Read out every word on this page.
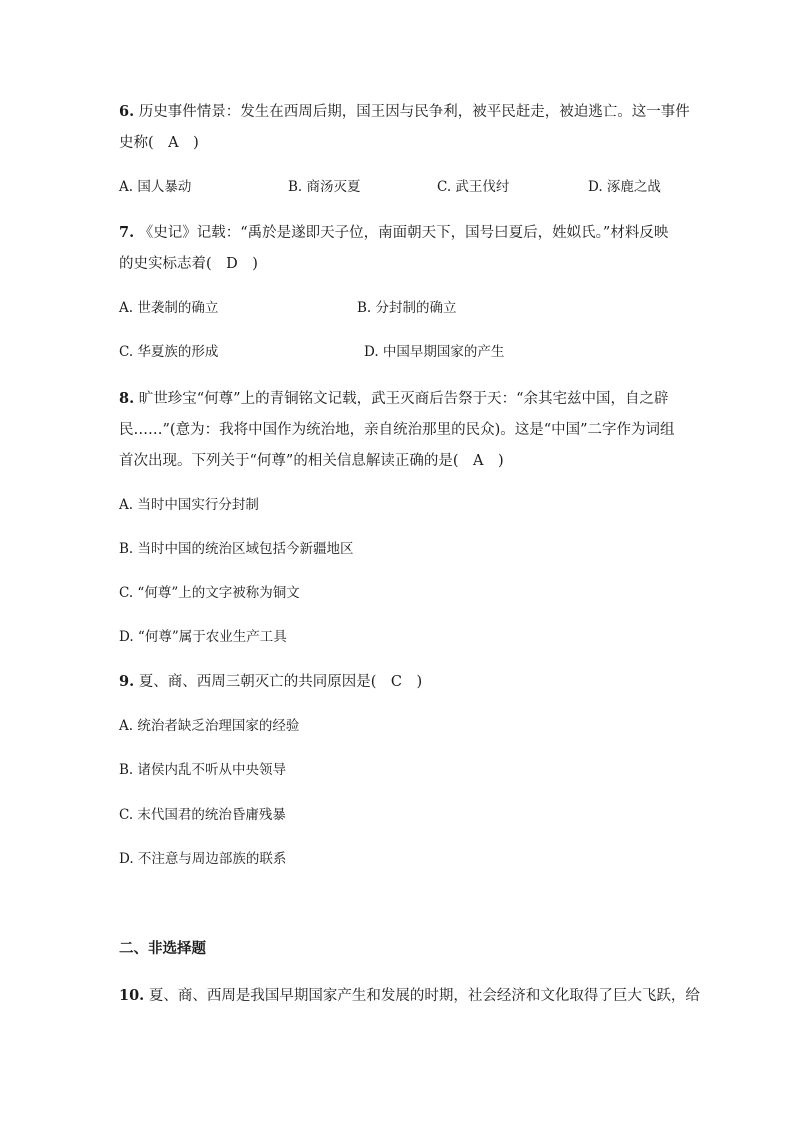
6. 历史事件情景：发生在西周后期，国王因与民争利，被平民赶走，被迫逃亡。这一事件
史称(　A　)
A. 国人暴动	B. 商汤灭夏	C. 武王伐纣	D. 涿鹿之战
7. 《史记》记载：“禹於是遂即天子位，南面朝天下，国号曰夏后，姓姒氏。”材料反映
的史实标志着(　D　)
A. 世袭制的确立	B. 分封制的确立
C. 华夏族的形成	D. 中国早期国家的产生
8. 旷世珍宝“何尊”上的青铜铭文记载，武王灭商后告祭于天：“余其宅兹中国，自之辟
民……”(意为：我将中国作为统治地，亲自统治那里的民众)。这是“中国”二字作为词组
首次出现。下列关于“何尊”的相关信息解读正确的是(　A　)
A. 当时中国实行分封制
B. 当时中国的统治区域包括今新疆地区
C. “何尊”上的文字被称为铜文
D. “何尊”属于农业生产工具
9. 夏、商、西周三朝灭亡的共同原因是(　C　)
A. 统治者缺乏治理国家的经验
B. 诸侯内乱不听从中央领导
C. 末代国君的统治昏庸残暴
D. 不注意与周边部族的联系
二、非选择题
10. 夏、商、西周是我国早期国家产生和发展的时期，社会经济和文化取得了巨大飞跃，给
